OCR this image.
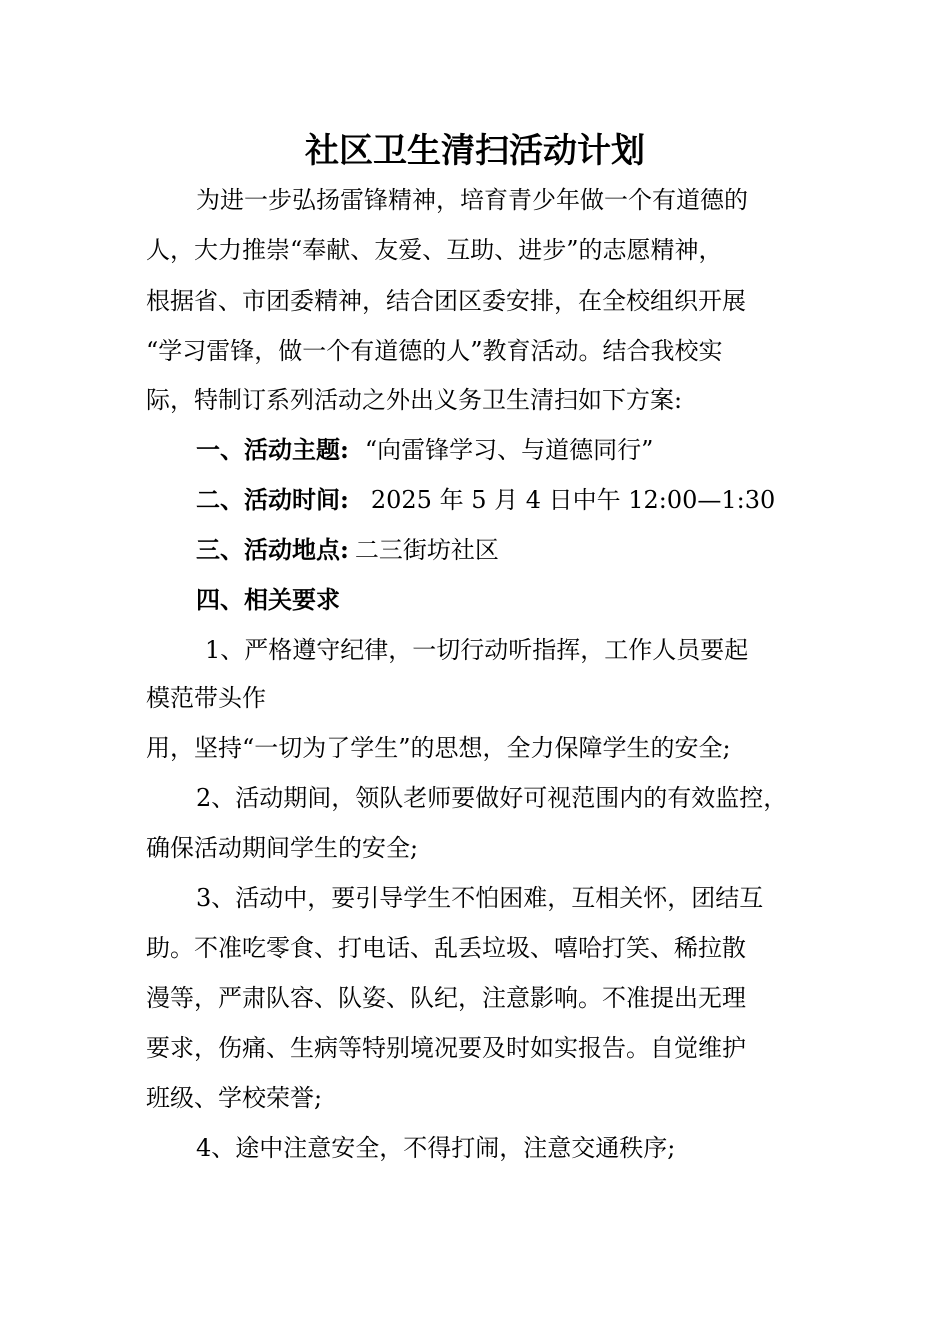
社区卫生清扫活动计划
为进一步弘扬雷锋精神，培育青少年做一个有道德的
人，大力推崇“奉献、友爱、互助、进步”的志愿精神，
根据省、市团委精神，结合团区委安排，在全校组织开展
“学习雷锋，做一个有道德的人”教育活动。结合我校实
际，特制订系列活动之外出义务卫生清扫如下方案:
一、活动主题: “向雷锋学习、与道德同行”
二、活动时间: 2025 年 5 月 4 日中午 12:00—1:30
三、活动地点: 二三街坊社区
四、相关要求
1、严格遵守纪律，一切行动听指挥，工作人员要起
模范带头作
用，坚持“一切为了学生”的思想，全力保障学生的安全;
2、活动期间，领队老师要做好可视范围内的有效监控，
确保活动期间学生的安全;
3、活动中，要引导学生不怕困难，互相关怀，团结互
助。不准吃零食、打电话、乱丢垃圾、嘻哈打笑、稀拉散
漫等，严肃队容、队姿、队纪，注意影响。不准提出无理
要求，伤痛、生病等特别境况要及时如实报告。自觉维护
班级、学校荣誉;
4、途中注意安全，不得打闹，注意交通秩序;
